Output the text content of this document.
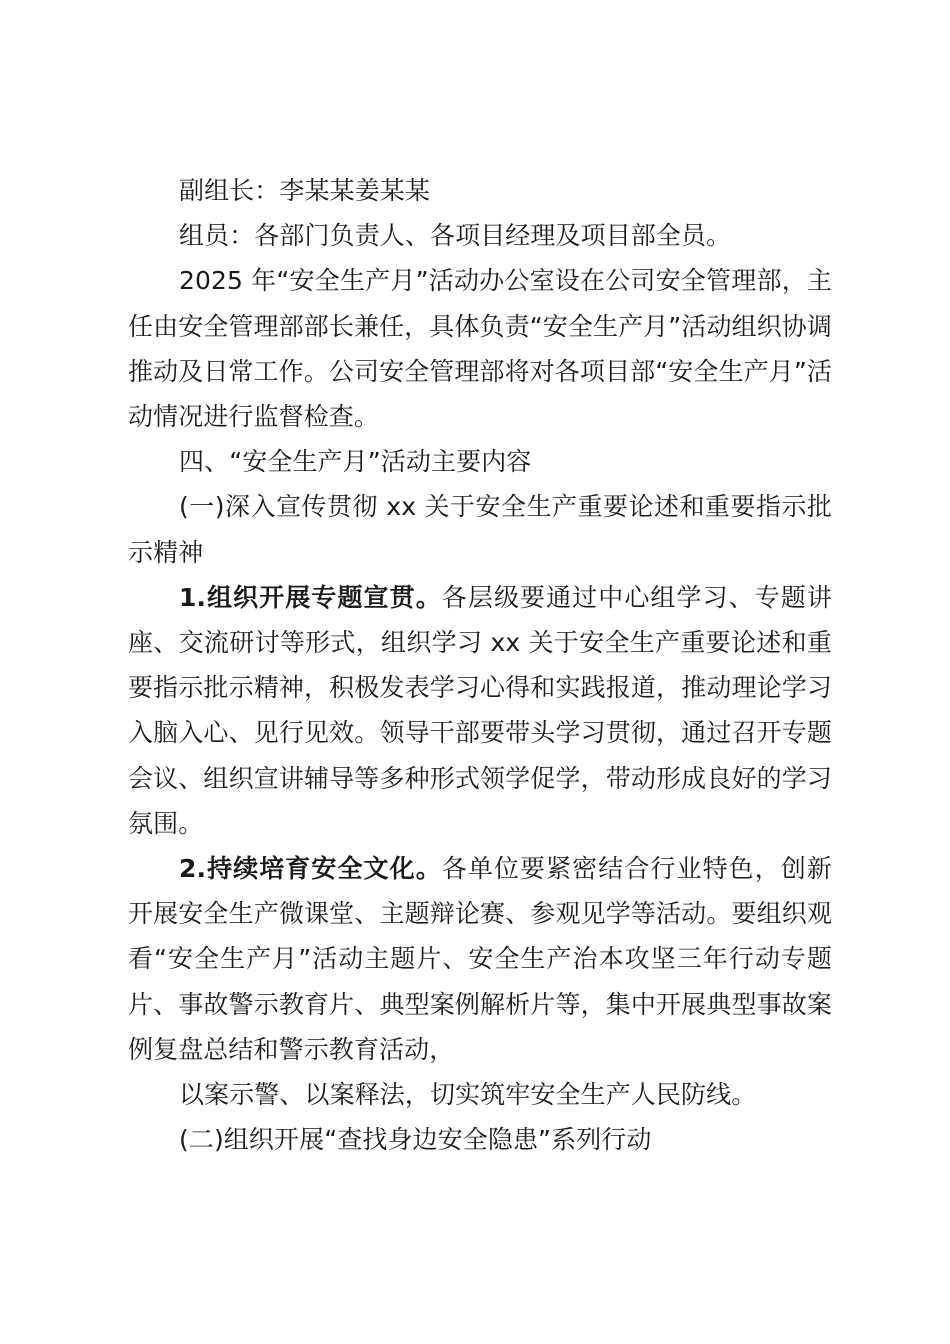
副组长：李某某姜某某

组员：各部门负责人、各项目经理及项目部全员。

2025 年“安全生产月”活动办公室设在公司安全管理部，主任由安全管理部部长兼任，具体负责“安全生产月”活动组织协调推动及日常工作。公司安全管理部将对各项目部“安全生产月”活动情况进行监督检查。

四、“安全生产月”活动主要内容

(一)深入宣传贯彻 xx 关于安全生产重要论述和重要指示批示精神

1.组织开展专题宣贯。各层级要通过中心组学习、专题讲座、交流研讨等形式，组织学习 xx 关于安全生产重要论述和重要指示批示精神，积极发表学习心得和实践报道，推动理论学习入脑入心、见行见效。领导干部要带头学习贯彻，通过召开专题会议、组织宣讲辅导等多种形式领学促学，带动形成良好的学习氛围。

2.持续培育安全文化。各单位要紧密结合行业特色，创新开展安全生产微课堂、主题辩论赛、参观见学等活动。要组织观看“安全生产月”活动主题片、安全生产治本攻坚三年行动专题片、事故警示教育片、典型案例解析片等，集中开展典型事故案例复盘总结和警示教育活动，

以案示警、以案释法，切实筑牢安全生产人民防线。

(二)组织开展“查找身边安全隐患”系列行动
